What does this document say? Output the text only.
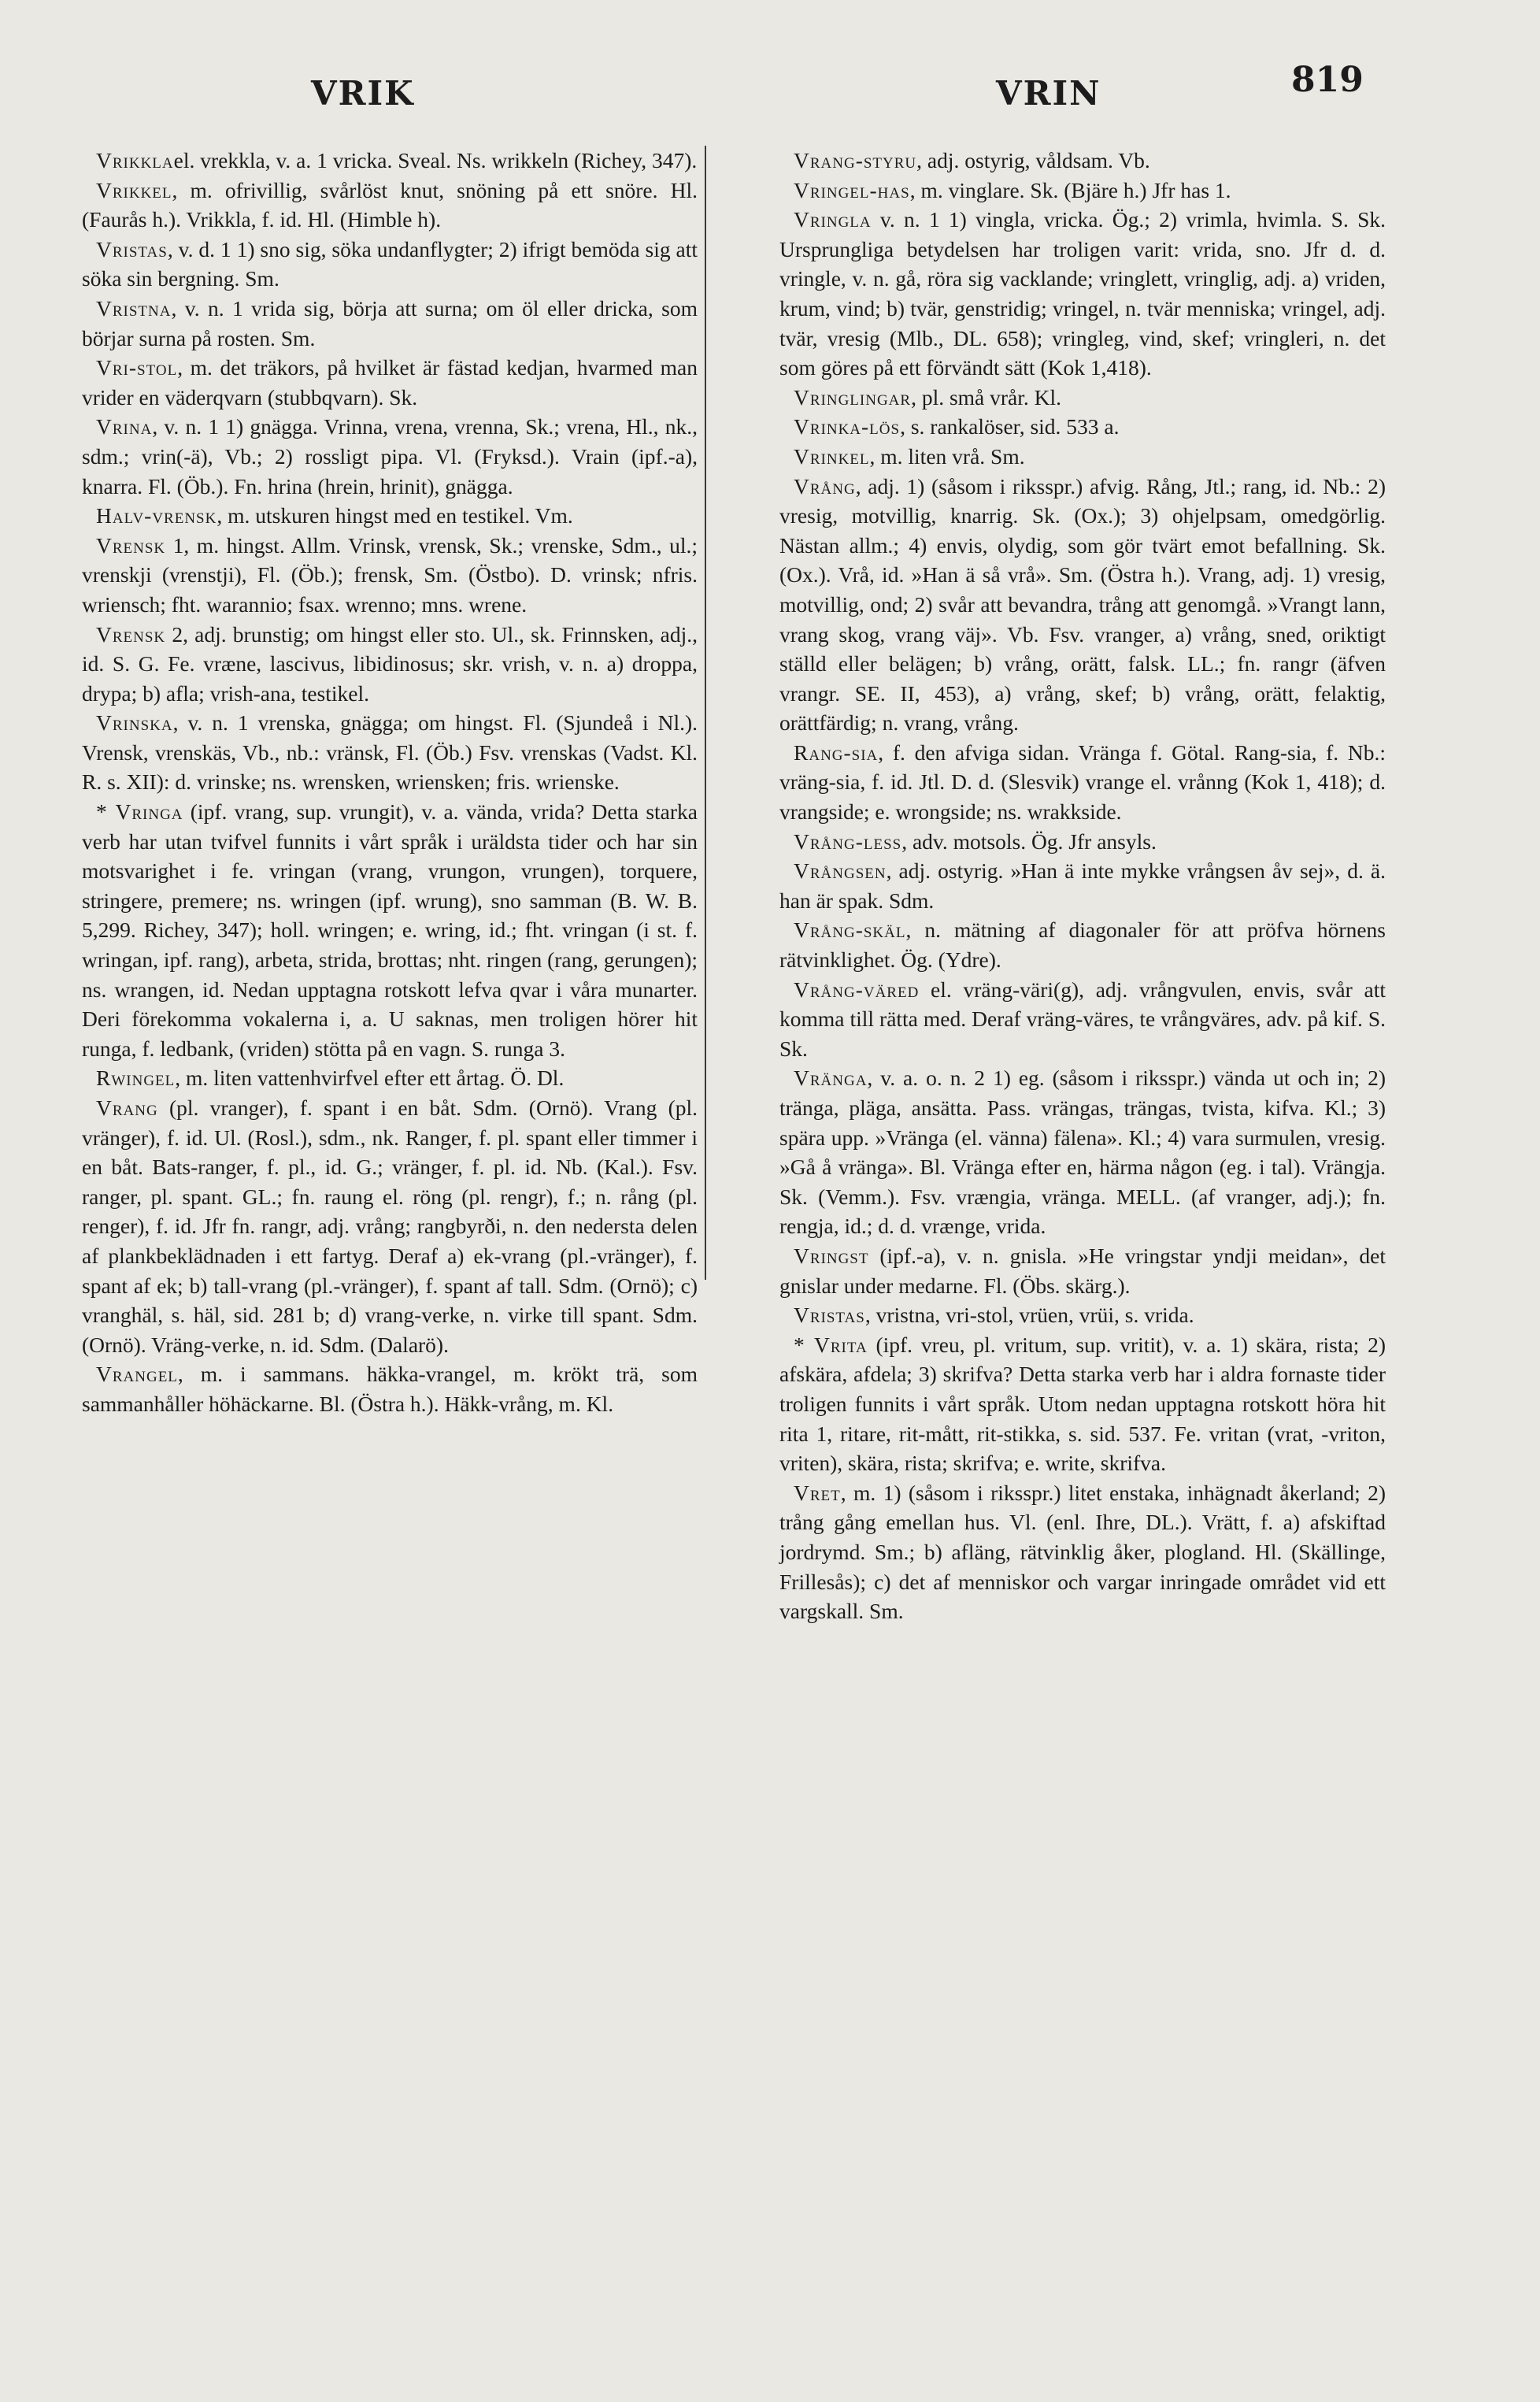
VRIK	VRIN	819

Vrikklael. vrekkla, v. a. 1 vricka. Sveal. Ns. wrikkeln (Richey, 347).

Vrikkel, m. ofrivillig, svårlöst knut, snöning på ett snöre. Hl. (Faurås h.). Vrikkla, f. id. Hl. (Himble h).

Vristas, v. d. 1 1) sno sig, söka undanflygter; 2) ifrigt bemöda sig att söka sin bergning. Sm.

Vristna, v. n. 1 vrida sig, börja att surna; om öl eller dricka, som börjar surna på rosten. Sm.

Vri-stol, m. det träkors, på hvilket är fästad kedjan, hvarmed man vrider en väderqvarn (stubbqvarn). Sk.

Vrina, v. n. 1 1) gnägga. Vrinna, vrena, vrenna, Sk.; vrena, Hl., nk., sdm.; vrin(-ä), Vb.; 2) rossligt pipa. Vl. (Fryksd.). Vrain (ipf.-a), knarra. Fl. (Öb.). Fn. hrina (hrein, hrinit), gnägga.

Halv-vrensk, m. utskuren hingst med en testikel. Vm.

Vrensk 1, m. hingst. Allm. Vrinsk, vrensk, Sk.; vrenske, Sdm., ul.; vrenskji (vrenstji), Fl. (Öb.); frensk, Sm. (Östbo). D. vrinsk; nfris. wriensch; fht. warannio; fsax. wrenno; mns. wrene.

Vrensk 2, adj. brunstig; om hingst eller sto. Ul., sk. Frinnsken, adj., id. S. G. Fe. vræne, lascivus, libidinosus; skr. vrish, v. n. a) droppa, drypa; b) afla; vrish-ana, testikel.

Vrinska, v. n. 1 vrenska, gnägga; om hingst. Fl. (Sjundeå i Nl.). Vrensk, vrenskäs, Vb., nb.: vränsk, Fl. (Öb.) Fsv. vrenskas (Vadst. Kl. R. s. XII): d. vrinske; ns. wrensken, wriensken; fris. wrienske.

* Vringa (ipf. vrang, sup. vrungit), v. a. vända, vrida? Detta starka verb har utan tvifvel funnits i vårt språk i uräldsta tider och har sin motsvarighet i fe. vringan (vrang, vrungon, vrungen), torquere, stringere, premere; ns. wringen (ipf. wrung), sno samman (B. W. B. 5,299. Richey, 347); holl. wringen; e. wring, id.; fht. vringan (i st. f. wringan, ipf. rang), arbeta, strida, brottas; nht. ringen (rang, gerungen); ns. wrangen, id. Nedan upptagna rotskott lefva qvar i våra munarter. Deri förekomma vokalerna i, a. U saknas, men troligen hörer hit runga, f. ledbank, (vriden) stötta på en vagn. S. runga 3.

Rwingel, m. liten vattenhvirfvel efter ett årtag. Ö. Dl.

Vrang (pl. vranger), f. spant i en båt. Sdm. (Ornö). Vrang (pl. vränger), f. id. Ul. (Rosl.), sdm., nk. Ranger, f. pl. spant eller timmer i en båt. Bats-ranger, f. pl., id. G.; vränger, f. pl. id. Nb. (Kal.). Fsv. ranger, pl. spant. GL.; fn. raung el. röng (pl. rengr), f.; n. rång (pl. renger), f. id. Jfr fn. rangr, adj. vrång; rangbyrði, n. den nedersta delen af plankbeklädnaden i ett fartyg. Deraf a) ek-vrang (pl.-vränger), f. spant af ek; b) tall-vrang (pl.-vränger), f. spant af tall. Sdm. (Ornö); c) vranghäl, s. häl, sid. 281 b; d) vrang-verke, n. virke till spant. Sdm. (Ornö). Vräng-verke, n. id. Sdm. (Dalarö).

Vrangel, m. i sammans. häkka-vrangel, m. krökt trä, som sammanhåller höhäckarne. Bl. (Östra h.). Häkk-vrång, m. Kl.

Vrang-styru, adj. ostyrig, våldsam. Vb.

Vringel-has, m. vinglare. Sk. (Bjäre h.) Jfr has 1.

Vringla v. n. 1 1) vingla, vricka. Ög.; 2) vrimla, hvimla. S. Sk. Ursprungliga betydelsen har troligen varit: vrida, sno. Jfr d. d. vringle, v. n. gå, röra sig vacklande; vringlett, vringlig, adj. a) vriden, krum, vind; b) tvär, genstridig; vringel, n. tvär menniska; vringel, adj. tvär, vresig (Mlb., DL. 658); vringleg, vind, skef; vringleri, n. det som göres på ett förvändt sätt (Kok 1,418).

Vringlingar, pl. små vrår. Kl.

Vrinka-lös, s. rankalöser, sid. 533 a.

Vrinkel, m. liten vrå. Sm.

Vrång, adj. 1) (såsom i riksspr.) afvig. Rång, Jtl.; rang, id. Nb.: 2) vresig, motvillig, knarrig. Sk. (Ox.); 3) ohjelpsam, omedgörlig. Nästan allm.; 4) envis, olydig, som gör tvärt emot befallning. Sk. (Ox.). Vrå, id. »Han ä så vrå». Sm. (Östra h.). Vrang, adj. 1) vresig, motvillig, ond; 2) svår att bevandra, trång att genomgå. »Vrangt lann, vrang skog, vrang väj». Vb. Fsv. vranger, a) vrång, sned, oriktigt ställd eller belägen; b) vrång, orätt, falsk. LL.; fn. rangr (äfven vrangr. SE. II, 453), a) vrång, skef; b) vrång, orätt, felaktig, orättfärdig; n. vrang, vrång.

Rang-sia, f. den afviga sidan. Vränga f. Götal. Rang-sia, f. Nb.: vräng-sia, f. id. Jtl. D. d. (Slesvik) vrange el. vrånng (Kok 1, 418); d. vrangside; e. wrongside; ns. wrakkside.

Vrång-less, adv. motsols. Ög. Jfr ansyls.

Vrångsen, adj. ostyrig. »Han ä inte mykke vrångsen åv sej», d. ä. han är spak. Sdm.

Vrång-skäl, n. mätning af diagonaler för att pröfva hörnens rätvinklighet. Ög. (Ydre).

Vrång-väred el. vräng-väri(g), adj. vrångvulen, envis, svår att komma till rätta med. Deraf vräng-väres, te vrångväres, adv. på kif. S. Sk.

Vränga, v. a. o. n. 2 1) eg. (såsom i riksspr.) vända ut och in; 2) tränga, pläga, ansätta. Pass. vrängas, trängas, tvista, kifva. Kl.; 3) spära upp. »Vränga (el. vänna) fälena». Kl.; 4) vara surmulen, vresig. »Gå å vränga». Bl. Vränga efter en, härma någon (eg. i tal). Vrängja. Sk. (Vemm.). Fsv. vrængia, vränga. MELL. (af vranger, adj.); fn. rengja, id.; d. d. vrænge, vrida.

Vringst (ipf.-a), v. n. gnisla. »He vringstar yndji meidan», det gnislar under medarne. Fl. (Öbs. skärg.).

Vristas, vristna, vri-stol, vrüen, vrüi, s. vrida.

* Vrita (ipf. vreu, pl. vritum, sup. vritit), v. a. 1) skära, rista; 2) afskära, afdela; 3) skrifva? Detta starka verb har i aldra fornaste tider troligen funnits i vårt språk. Utom nedan upptagna rotskott höra hit rita 1, ritare, rit-mått, rit-stikka, s. sid. 537. Fe. vritan (vrat, -vriton, vriten), skära, rista; skrifva; e. write, skrifva.

Vret, m. 1) (såsom i riksspr.) litet enstaka, inhägnadt åkerland; 2) trång gång emellan hus. Vl. (enl. Ihre, DL.). Vrätt, f. a) afskiftad jordrymd. Sm.; b) afläng, rätvinklig åker, plogland. Hl. (Skällinge, Frillesås); c) det af menniskor och vargar inringade området vid ett vargskall. Sm.
